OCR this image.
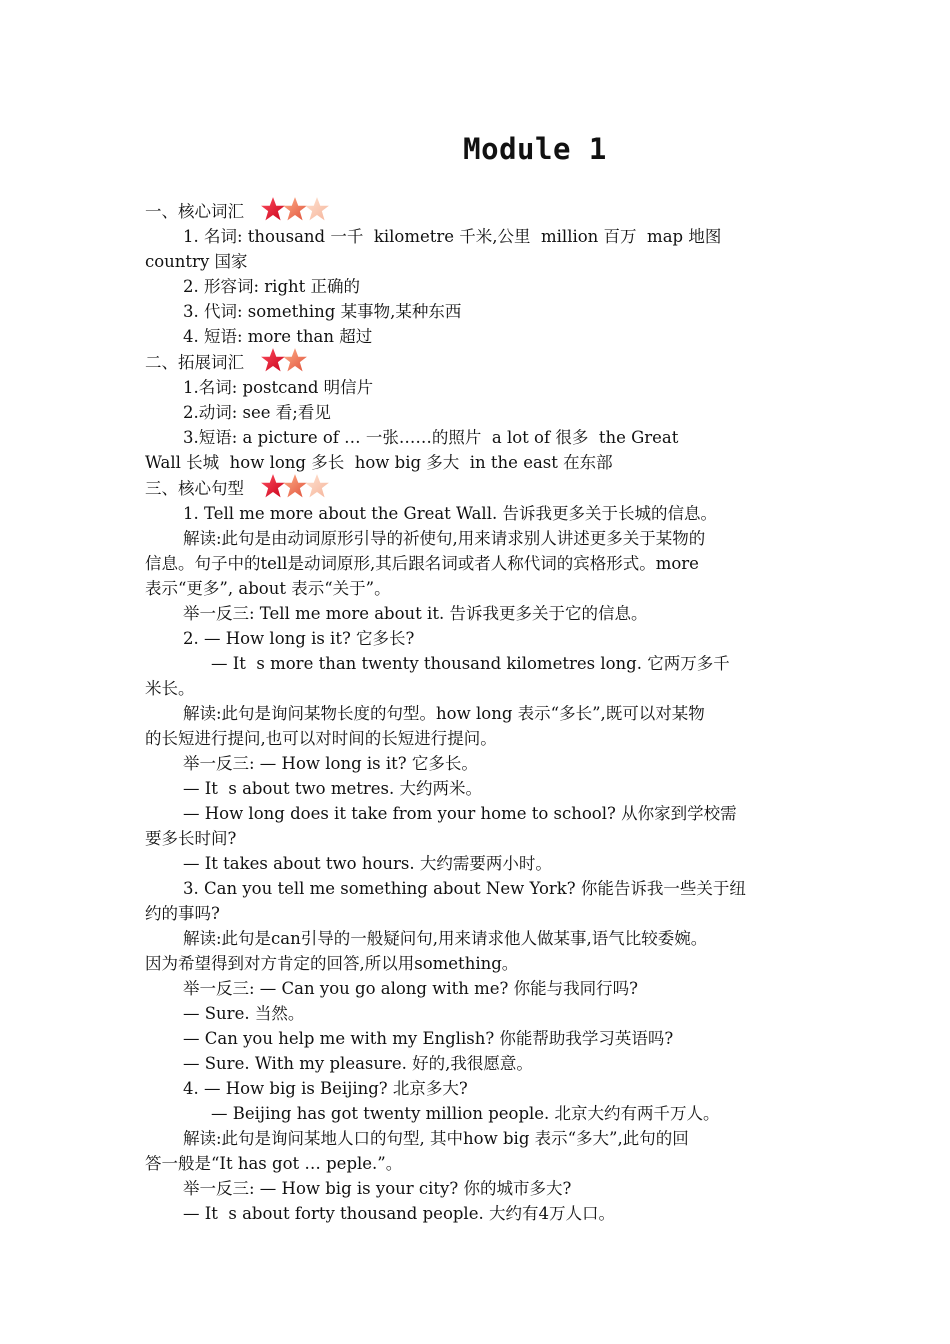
Module 1
一、核心词汇
1. 名词: thousand 一千  kilometre 千米,公里  million 百万  map 地图
country 国家
2. 形容词: right 正确的
3. 代词: something 某事物,某种东西
4. 短语: more than 超过
二、拓展词汇
1.名词: postcand 明信片
2.动词: see 看;看见
3.短语: a picture of … 一张……的照片  a lot of 很多  the Great
Wall 长城  how long 多长  how big 多大  in the east 在东部
三、核心句型
1. Tell me more about the Great Wall. 告诉我更多关于长城的信息。
解读:此句是由动词原形引导的祈使句,用来请求别人讲述更多关于某物的
信息。句子中的tell是动词原形,其后跟名词或者人称代词的宾格形式。more
表示“更多”, about 表示“关于”。
举一反三: Tell me more about it. 告诉我更多关于它的信息。
2. — How long is it? 它多长?
— It  s more than twenty thousand kilometres long. 它两万多千
米长。
解读:此句是询问某物长度的句型。how long 表示“多长”,既可以对某物
的长短进行提问,也可以对时间的长短进行提问。
举一反三: — How long is it? 它多长。
— It  s about two metres. 大约两米。
— How long does it take from your home to school? 从你家到学校需
要多长时间?
— It takes about two hours. 大约需要两小时。
3. Can you tell me something about New York? 你能告诉我一些关于纽
约的事吗?
解读:此句是can引导的一般疑问句,用来请求他人做某事,语气比较委婉。
因为希望得到对方肯定的回答,所以用something。
举一反三: — Can you go along with me? 你能与我同行吗?
— Sure. 当然。
— Can you help me with my English? 你能帮助我学习英语吗?
— Sure. With my pleasure. 好的,我很愿意。
4. — How big is Beijing? 北京多大?
— Beijing has got twenty million people. 北京大约有两千万人。
解读:此句是询问某地人口的句型, 其中how big 表示“多大”,此句的回
答一般是“It has got … peple.”。
举一反三: — How big is your city? 你的城市多大?
— It  s about forty thousand people. 大约有4万人口。
